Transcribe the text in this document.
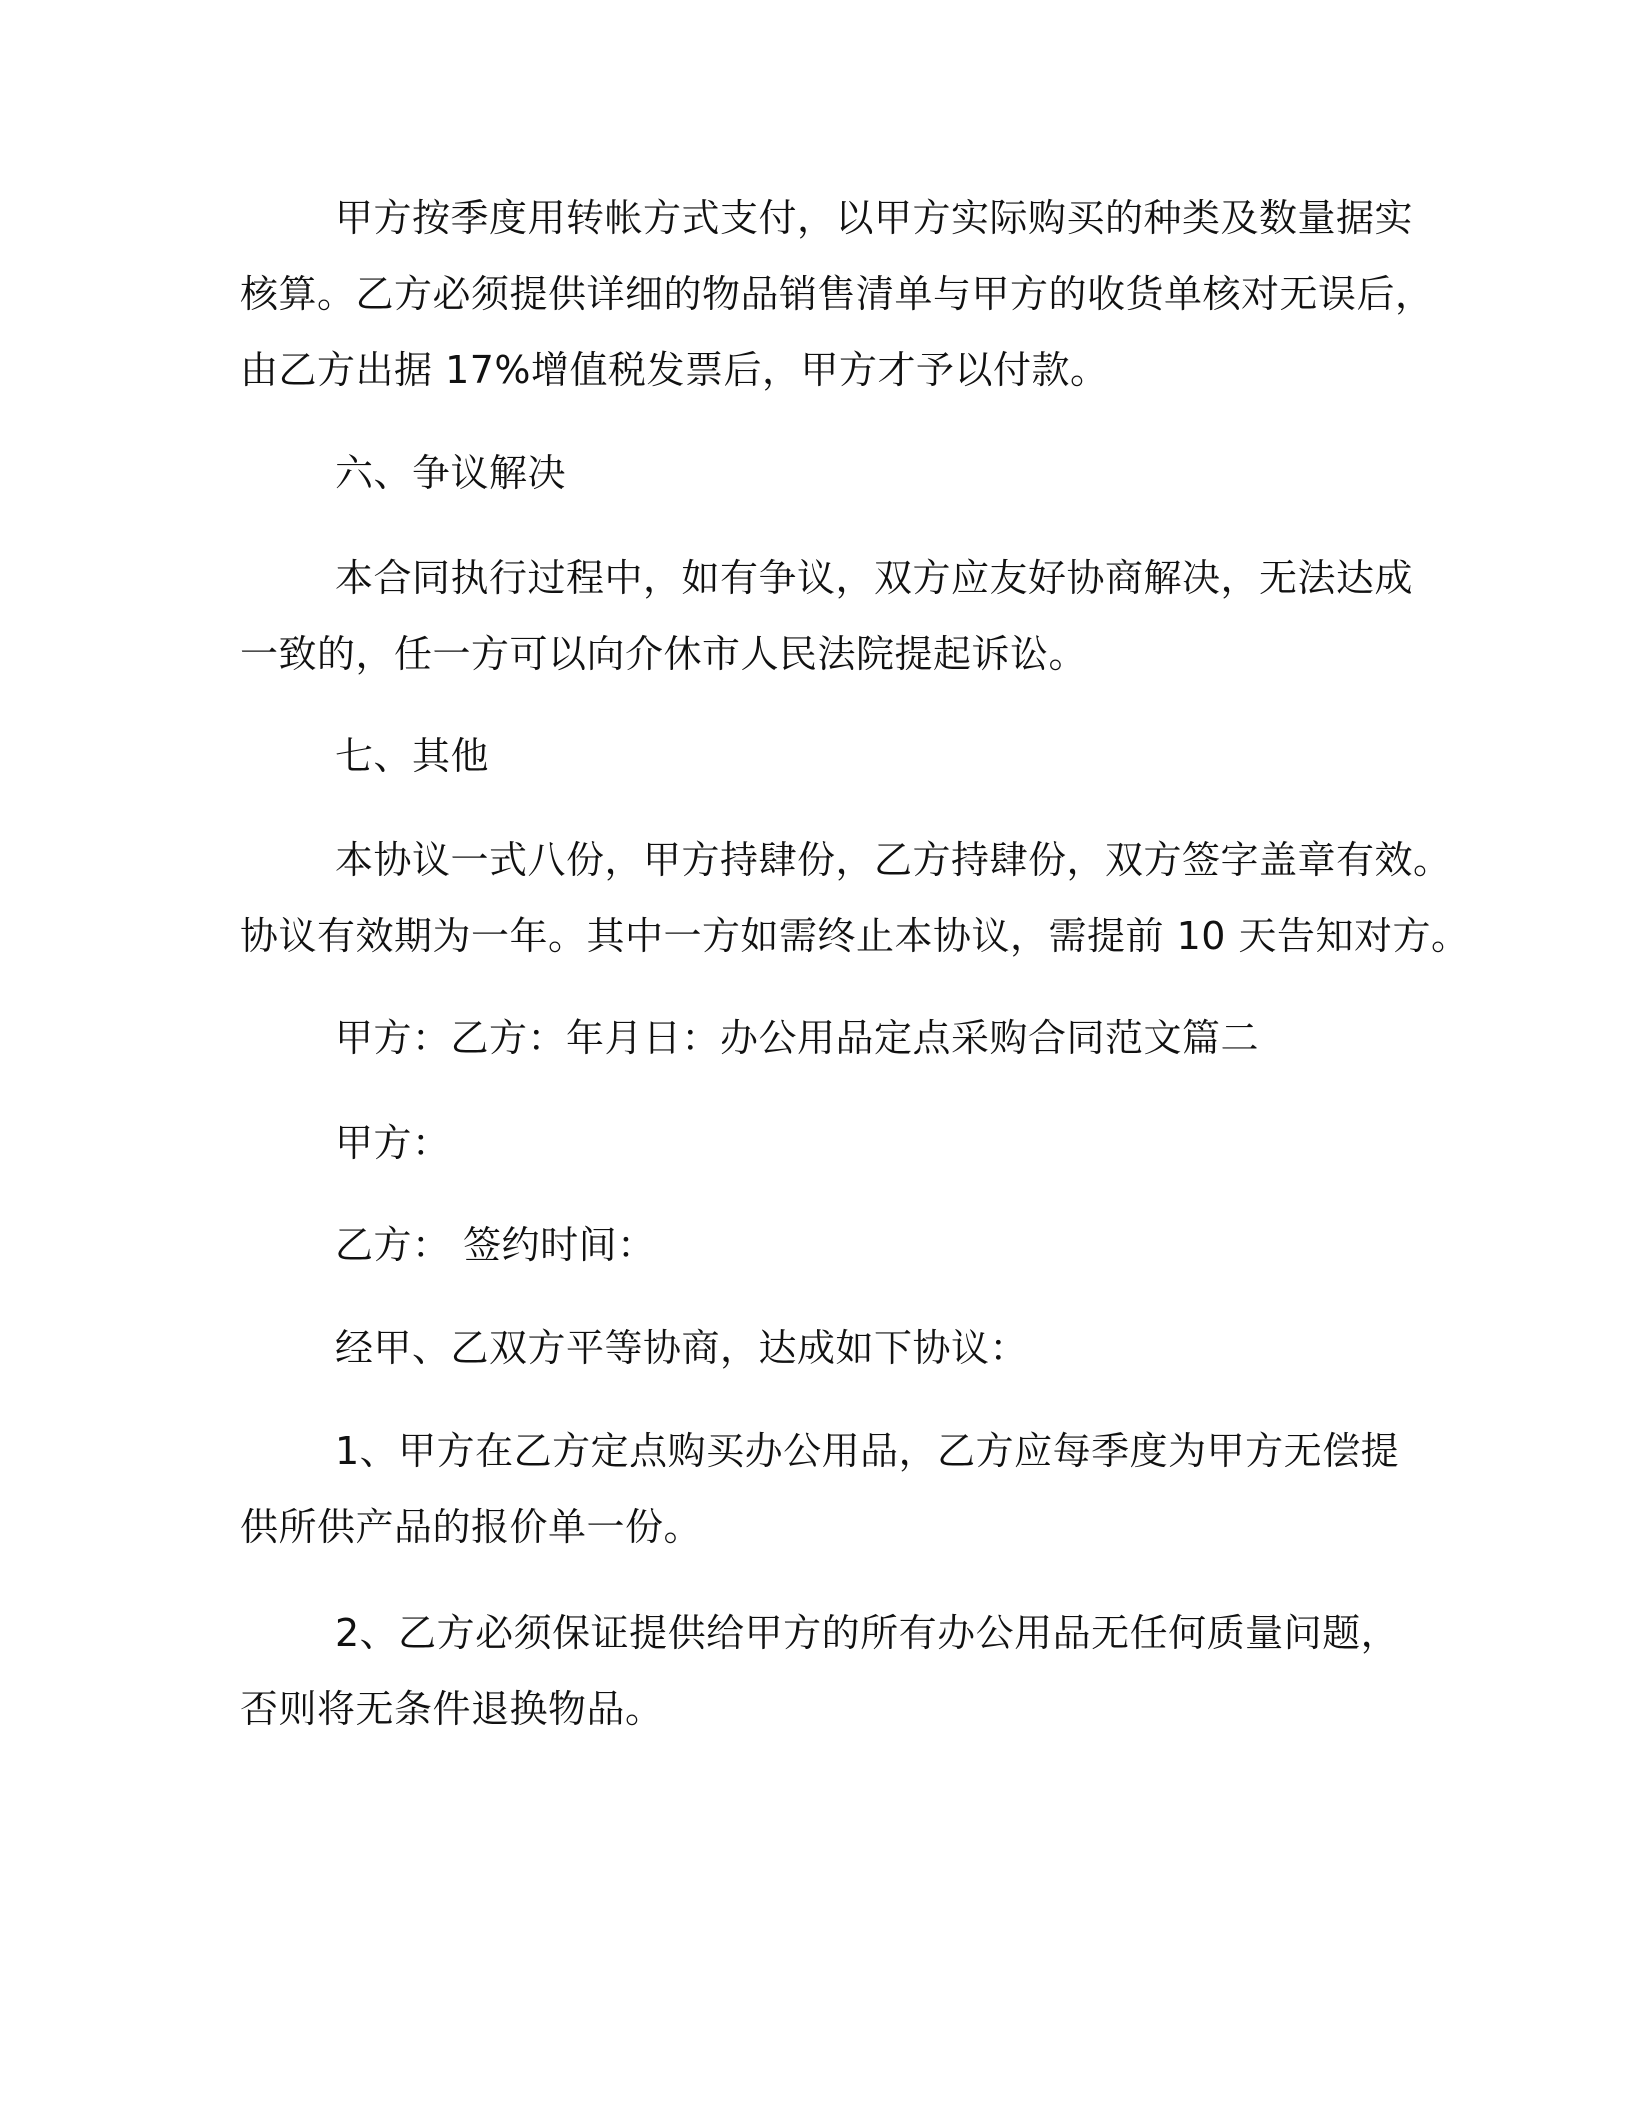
甲方按季度用转帐方式支付，以甲方实际购买的种类及数量据实
核算。乙方必须提供详细的物品销售清单与甲方的收货单核对无误后，
由乙方出据 17%增值税发票后，甲方才予以付款。
六、争议解决
本合同执行过程中，如有争议，双方应友好协商解决，无法达成
一致的，任一方可以向介休市人民法院提起诉讼。
七、其他
本协议一式八份，甲方持肆份，乙方持肆份，双方签字盖章有效。
协议有效期为一年。其中一方如需终止本协议，需提前 10 天告知对方。
甲方：乙方：年月日：办公用品定点采购合同范文篇二
甲方：
乙方： 签约时间：
经甲、乙双方平等协商，达成如下协议：
1、甲方在乙方定点购买办公用品，乙方应每季度为甲方无偿提
供所供产品的报价单一份。
2、乙方必须保证提供给甲方的所有办公用品无任何质量问题，
否则将无条件退换物品。
